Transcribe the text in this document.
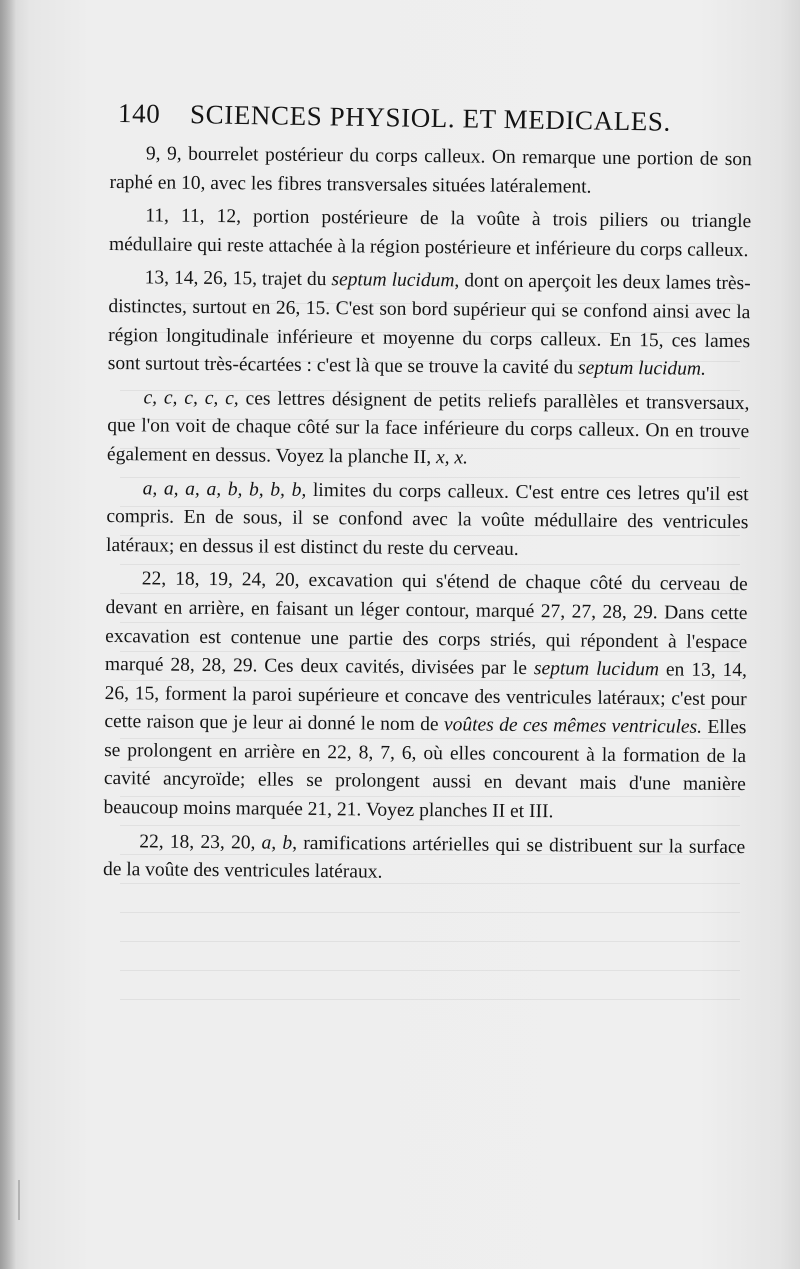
140 SCIENCES PHYSIOL. ET MEDICALES.

9, 9, bourrelet postérieur du corps calleux. On remarque une portion de son raphé en 10, avec les fibres transversales situées latéralement.

11, 11, 12, portion postérieure de la voûte à trois piliers ou triangle médullaire qui reste attachée à la région postérieure et inférieure du corps calleux.

13, 14, 26, 15, trajet du septum lucidum, dont on aperçoit les deux lames très-distinctes, surtout en 26, 15. C'est son bord supérieur qui se confond ainsi avec la région longitudinale inférieure et moyenne du corps calleux. En 15, ces lames sont surtout très-écartées : c'est là que se trouve la cavité du septum lucidum.

c, c, c, c, c, ces lettres désignent de petits reliefs parallèles et transversaux, que l'on voit de chaque côté sur la face inférieure du corps calleux. On en trouve également en dessus. Voyez la planche II, x, x.

a, a, a, a, b, b, b, b, limites du corps calleux. C'est entre ces letres qu'il est compris. En de sous, il se confond avec la voûte médullaire des ventricules latéraux; en dessus il est distinct du reste du cerveau.

22, 18, 19, 24, 20, excavation qui s'étend de chaque côté du cerveau de devant en arrière, en faisant un léger contour, marqué 27, 27, 28, 29. Dans cette excavation est contenue une partie des corps striés, qui répondent à l'espace marqué 28, 28, 29. Ces deux cavités, divisées par le septum lucidum en 13, 14, 26, 15, forment la paroi supérieure et concave des ventricules latéraux; c'est pour cette raison que je leur ai donné le nom de voûtes de ces mêmes ventricules. Elles se prolongent en arrière en 22, 8, 7, 6, où elles concourent à la formation de la cavité ancyroïde; elles se prolongent aussi en devant mais d'une manière beaucoup moins marquée 21, 21. Voyez planches II et III.

22, 18, 23, 20, a, b, ramifications artérielles qui se distribuent sur la surface de la voûte des ventricules latéraux.
